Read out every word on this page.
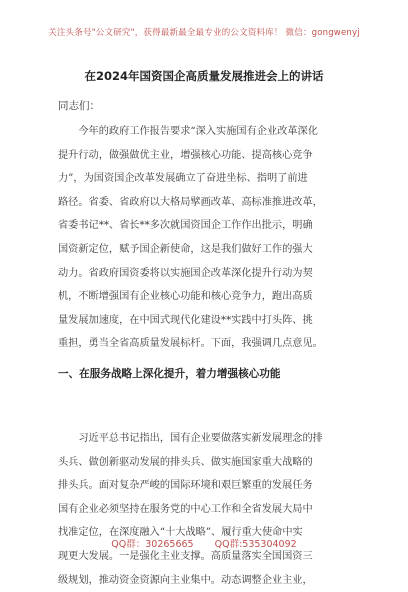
关注头条号"公文研究"，获得最新最全最专业的公文资料库！ 微信：gongwenyj
在2024年国资国企高质量发展推进会上的讲话
同志们：
　　今年的政府工作报告要求“深入实施国有企业改革深化
提升行动，做强做优主业，增强核心功能、提高核心竞争
力”，为国资国企改革发展确立了奋进坐标、指明了前进
路径。省委、省政府以大格局擘画改革、高标准推进改革，
省委书记**、省长**多次就国资国企工作作出批示，明确
国资新定位，赋予国企新使命，这是我们做好工作的强大
动力。省政府国资委将以实施国企改革深化提升行动为契
机，不断增强国有企业核心功能和核心竞争力，跑出高质
量发展加速度，在中国式现代化建设**实践中打头阵、挑
重担，勇当全省高质量发展标杆。下面，我强调几点意见。
一、在服务战略上深化提升，着力增强核心功能
　　习近平总书记指出，国有企业要做落实新发展理念的排
头兵、做创新驱动发展的排头兵、做实施国家重大战略的
排头兵。面对复杂严峻的国际环境和艰巨繁重的发展任务
国有企业必须坚持在服务党的中心工作和全省发展大局中
找准定位，在深度融入“十大战略”、履行重大使命中实
现更大发展。一是强化主业支撑。高质量落实全国国资三
级规划，推动资金资源向主业集中。动态调整企业主业，
QQ群：30265665 QQ群:535304092
